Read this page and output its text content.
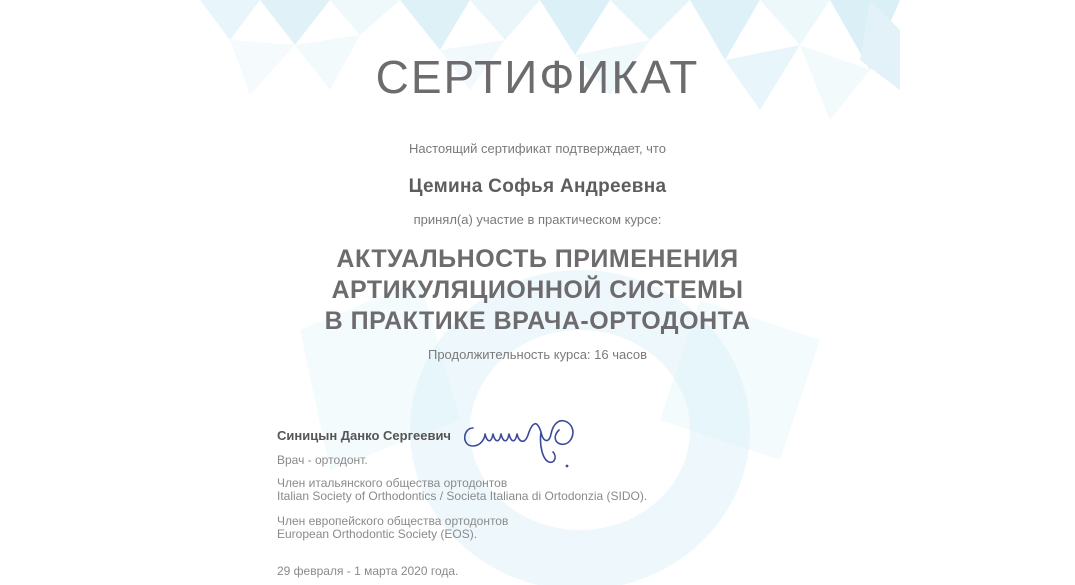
СЕРТИФИКАТ
Настоящий сертификат подтверждает, что
Цемина Софья Андреевна
принял(а) участие в практическом курсе:
АКТУАЛЬНОСТЬ ПРИМЕНЕНИЯ
АРТИКУЛЯЦИОННОЙ СИСТЕМЫ
В ПРАКТИКЕ ВРАЧА-ОРТОДОНТА
Продолжительность курса: 16 часов
Синицын Данко Сергеевич
Врач - ортодонт.
Член итальянского общества ортодонтов
Italian Society of Orthodontics / Societa Italiana di Ortodonzia (SIDO).
Член европейского общества ортодонтов
European Orthodontic Society (EOS).
29 февраля - 1 марта 2020 года.
